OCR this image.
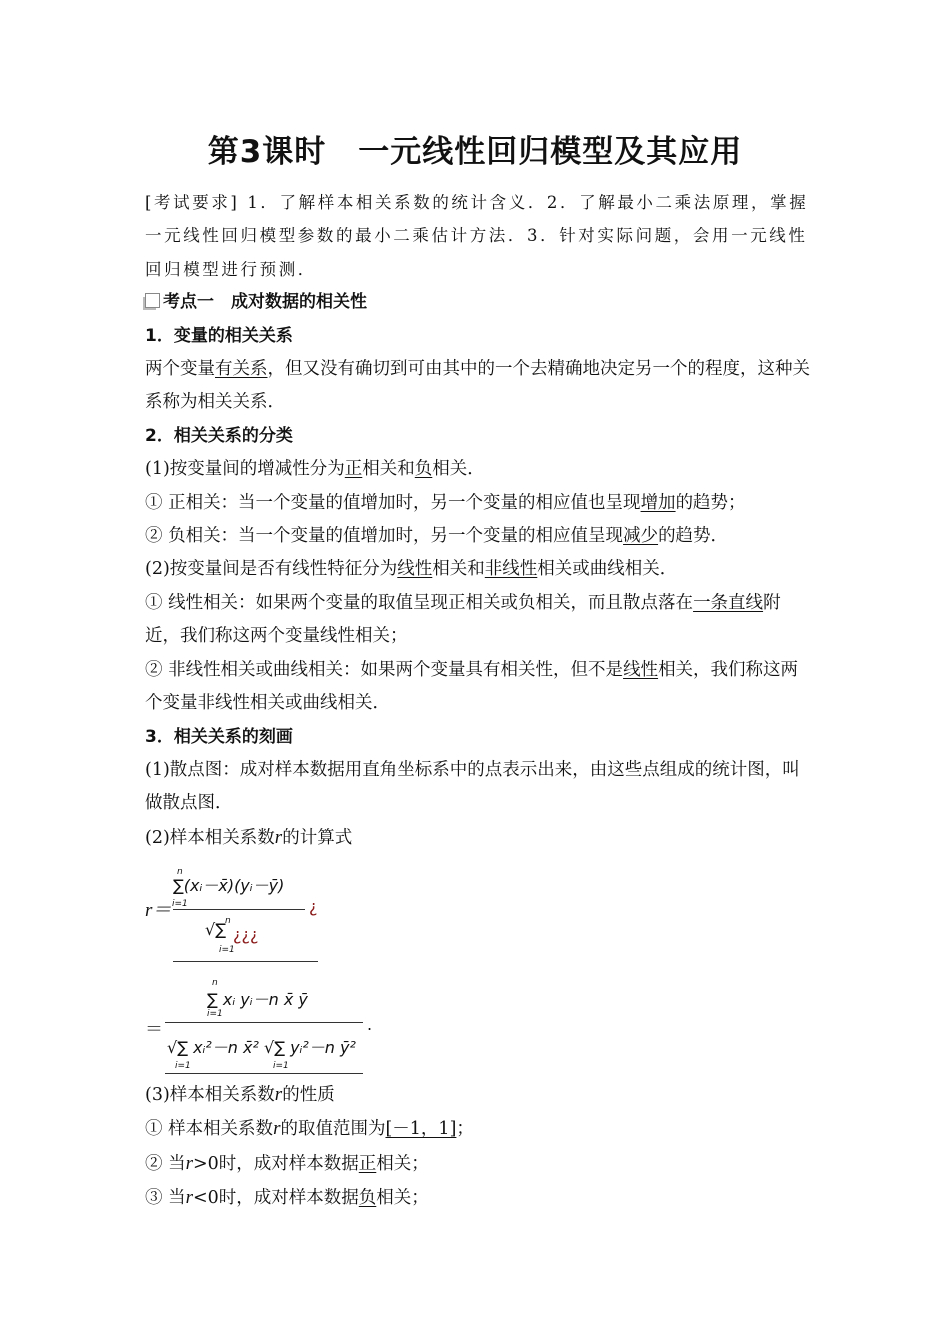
第3课时　一元线性回归模型及其应用

[考试要求] 1．了解样本相关系数的统计含义．2．了解最小二乘法原理，掌握一元线性回归模型参数的最小二乘估计方法．3．针对实际问题，会用一元线性回归模型进行预测．

考点一　成对数据的相关性

1．变量的相关关系

两个变量有关系，但又没有确切到可由其中的一个去精确地决定另一个的程度，这种关系称为相关关系．

2．相关关系的分类

(1)按变量间的增减性分为正相关和负相关．

① 正相关：当一个变量的值增加时，另一个变量的相应值也呈现增加的趋势；

② 负相关：当一个变量的值增加时，另一个变量的相应值呈现减少的趋势．

(2)按变量间是否有线性特征分为线性相关和非线性相关或曲线相关．

① 线性相关：如果两个变量的取值呈现正相关或负相关，而且散点落在一条直线附近，我们称这两个变量线性相关；

② 非线性相关或曲线相关：如果两个变量具有相关性，但不是线性相关，我们称这两个变量非线性相关或曲线相关．

3．相关关系的刻画

(1)散点图：成对样本数据用直角坐标系中的点表示出来，由这些点组成的统计图，叫做散点图．

(2)样本相关系数r的计算式

r＝
∑(xᵢ－x̄)(yᵢ－ȳ)
n
i=1	¿
√∑ n
i=1
¿¿¿
＝
∑ xᵢ yᵢ－n x̄ ȳ
n
i=1
√∑ xᵢ²－n x̄² √∑ yᵢ²－n ȳ²
i=1	i=1
.

(3)样本相关系数r的性质

① 样本相关系数r的取值范围为[－1，1]；

② 当r>0时，成对样本数据正相关；

③ 当r<0时，成对样本数据负相关；
